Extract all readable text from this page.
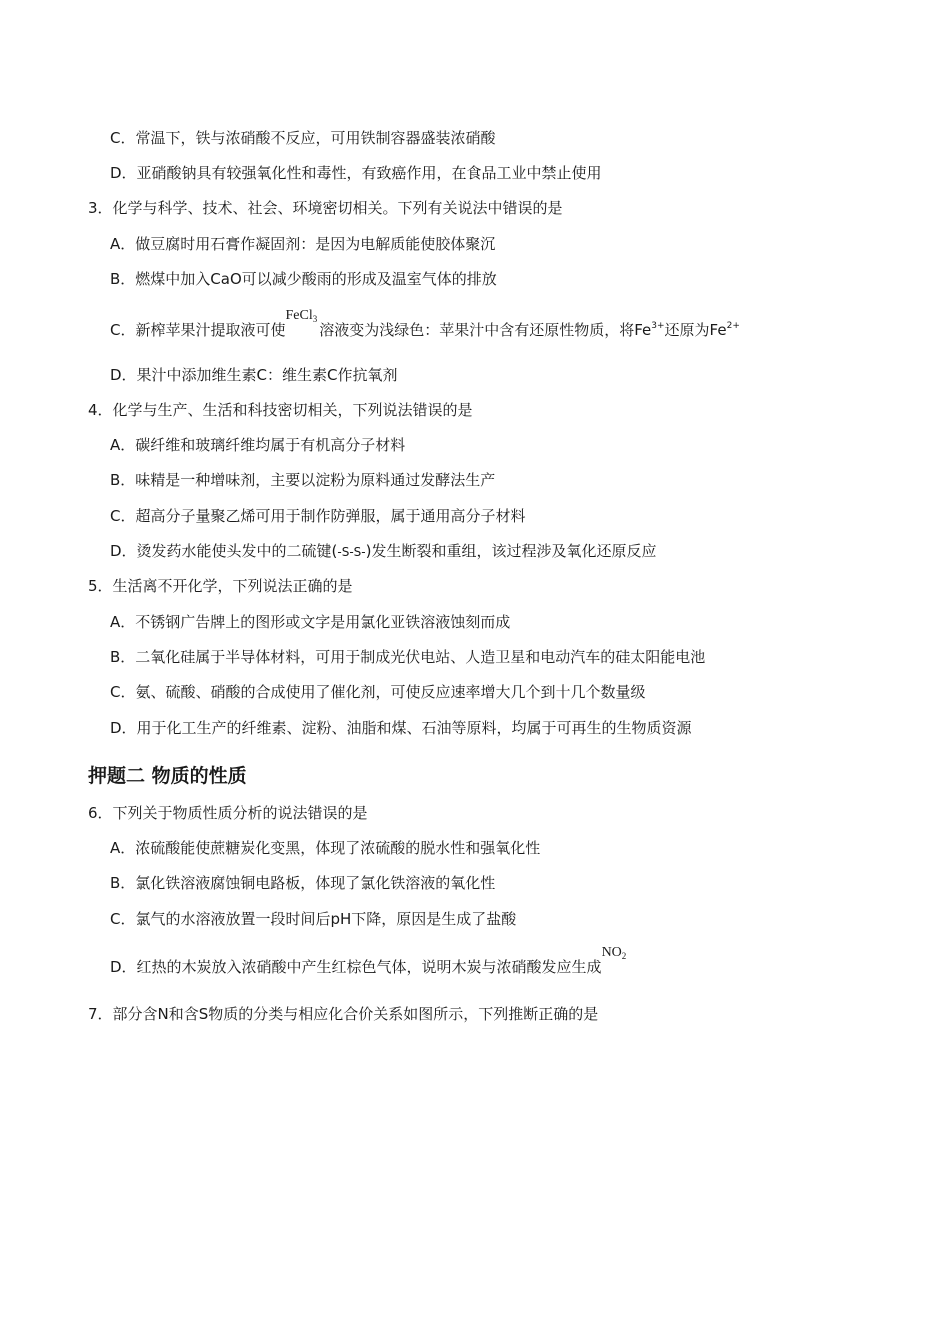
C．常温下，铁与浓硝酸不反应，可用铁制容器盛装浓硝酸
D．亚硝酸钠具有较强氧化性和毒性，有致癌作用，在食品工业中禁止使用
3．化学与科学、技术、社会、环境密切相关。下列有关说法中错误的是
A．做豆腐时用石膏作凝固剂：是因为电解质能使胶体聚沉
B．燃煤中加入CaO可以减少酸雨的形成及温室气体的排放
C．新榨苹果汁提取液可使FeCl$_3$溶液变为浅绿色：苹果汁中含有还原性物质，将$Fe^{3+}$还原为$Fe^{2+}$
D．果汁中添加维生素C：维生素C作抗氧剂
4．化学与生产、生活和科技密切相关，下列说法错误的是
A．碳纤维和玻璃纤维均属于有机高分子材料
B．味精是一种增味剂，主要以淀粉为原料通过发酵法生产
C．超高分子量聚乙烯可用于制作防弹服，属于通用高分子材料
D．烫发药水能使头发中的二硫键(-S-S-)发生断裂和重组，该过程涉及氧化还原反应
5．生活离不开化学，下列说法正确的是
A．不锈钢广告牌上的图形或文字是用氯化亚铁溶液蚀刻而成
B．二氧化硅属于半导体材料，可用于制成光伏电站、人造卫星和电动汽车的硅太阳能电池
C．氨、硫酸、硝酸的合成使用了催化剂，可使反应速率增大几个到十几个数量级
D．用于化工生产的纤维素、淀粉、油脂和煤、石油等原料，均属于可再生的生物质资源
押题二 物质的性质
6．下列关于物质性质分析的说法错误的是
A．浓硫酸能使蔗糖炭化变黑，体现了浓硫酸的脱水性和强氧化性
B．氯化铁溶液腐蚀铜电路板，体现了氯化铁溶液的氧化性
C．氯气的水溶液放置一段时间后pH下降，原因是生成了盐酸
D．红热的木炭放入浓硝酸中产生红棕色气体，说明木炭与浓硝酸发应生成$NO_2$
7．部分含N和含S物质的分类与相应化合价关系如图所示，下列推断正确的是
